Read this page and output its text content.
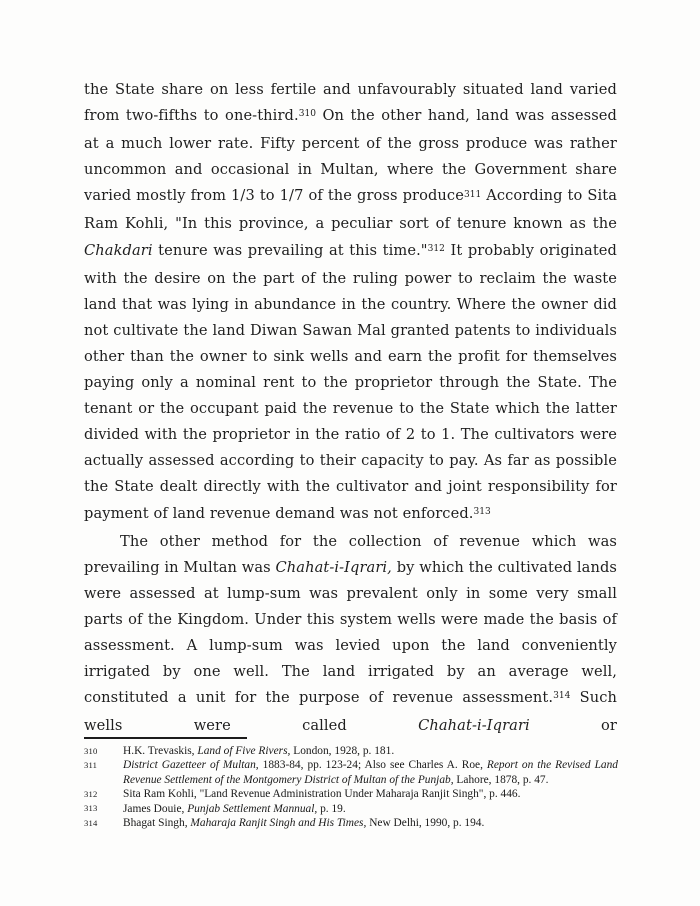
the State share on less fertile and unfavourably situated land varied from two-fifths to one-third.$^{310}$ On the other hand, land was assessed at a much lower rate. Fifty percent of the gross produce was rather uncommon and occasional in Multan, where the Government share varied mostly from 1/3 to 1/7 of the gross produce$^{311}$ According to Sita Ram Kohli, "In this province, a peculiar sort of tenure known as the Chakdari tenure was prevailing at this time."$^{312}$ It probably originated with the desire on the part of the ruling power to reclaim the waste land that was lying in abundance in the country. Where the owner did not cultivate the land Diwan Sawan Mal granted patents to individuals other than the owner to sink wells and earn the profit for themselves paying only a nominal rent to the proprietor through the State. The tenant or the occupant paid the revenue to the State which the latter divided with the proprietor in the ratio of 2 to 1. The cultivators were actually assessed according to their capacity to pay. As far as possible the State dealt directly with the cultivator and joint responsibility for payment of land revenue demand was not enforced.$^{313}$

The other method for the collection of revenue which was prevailing in Multan was Chahat-i-Iqrari, by which the cultivated lands were assessed at lump-sum was prevalent only in some very small parts of the Kingdom. Under this system wells were made the basis of assessment. A lump-sum was levied upon the land conveniently irrigated by one well. The land irrigated by an average well, constituted a unit for the purpose of revenue assessment.$^{314}$ Such wells were called Chahat-i-Iqrari or

310	H.K. Trevaskis, Land of Five Rivers, London, 1928, p. 181.
311	District Gazetteer of Multan, 1883-84, pp. 123-24; Also see Charles A. Roe, Report on the Revised Land Revenue Settlement of the Montgomery District of Multan of the Punjab, Lahore, 1878, p. 47.
312	Sita Ram Kohli, "Land Revenue Administration Under Maharaja Ranjit Singh", p. 446.
313	James Douie, Punjab Settlement Mannual, p. 19.
314	Bhagat Singh, Maharaja Ranjit Singh and His Times, New Delhi, 1990, p. 194.
